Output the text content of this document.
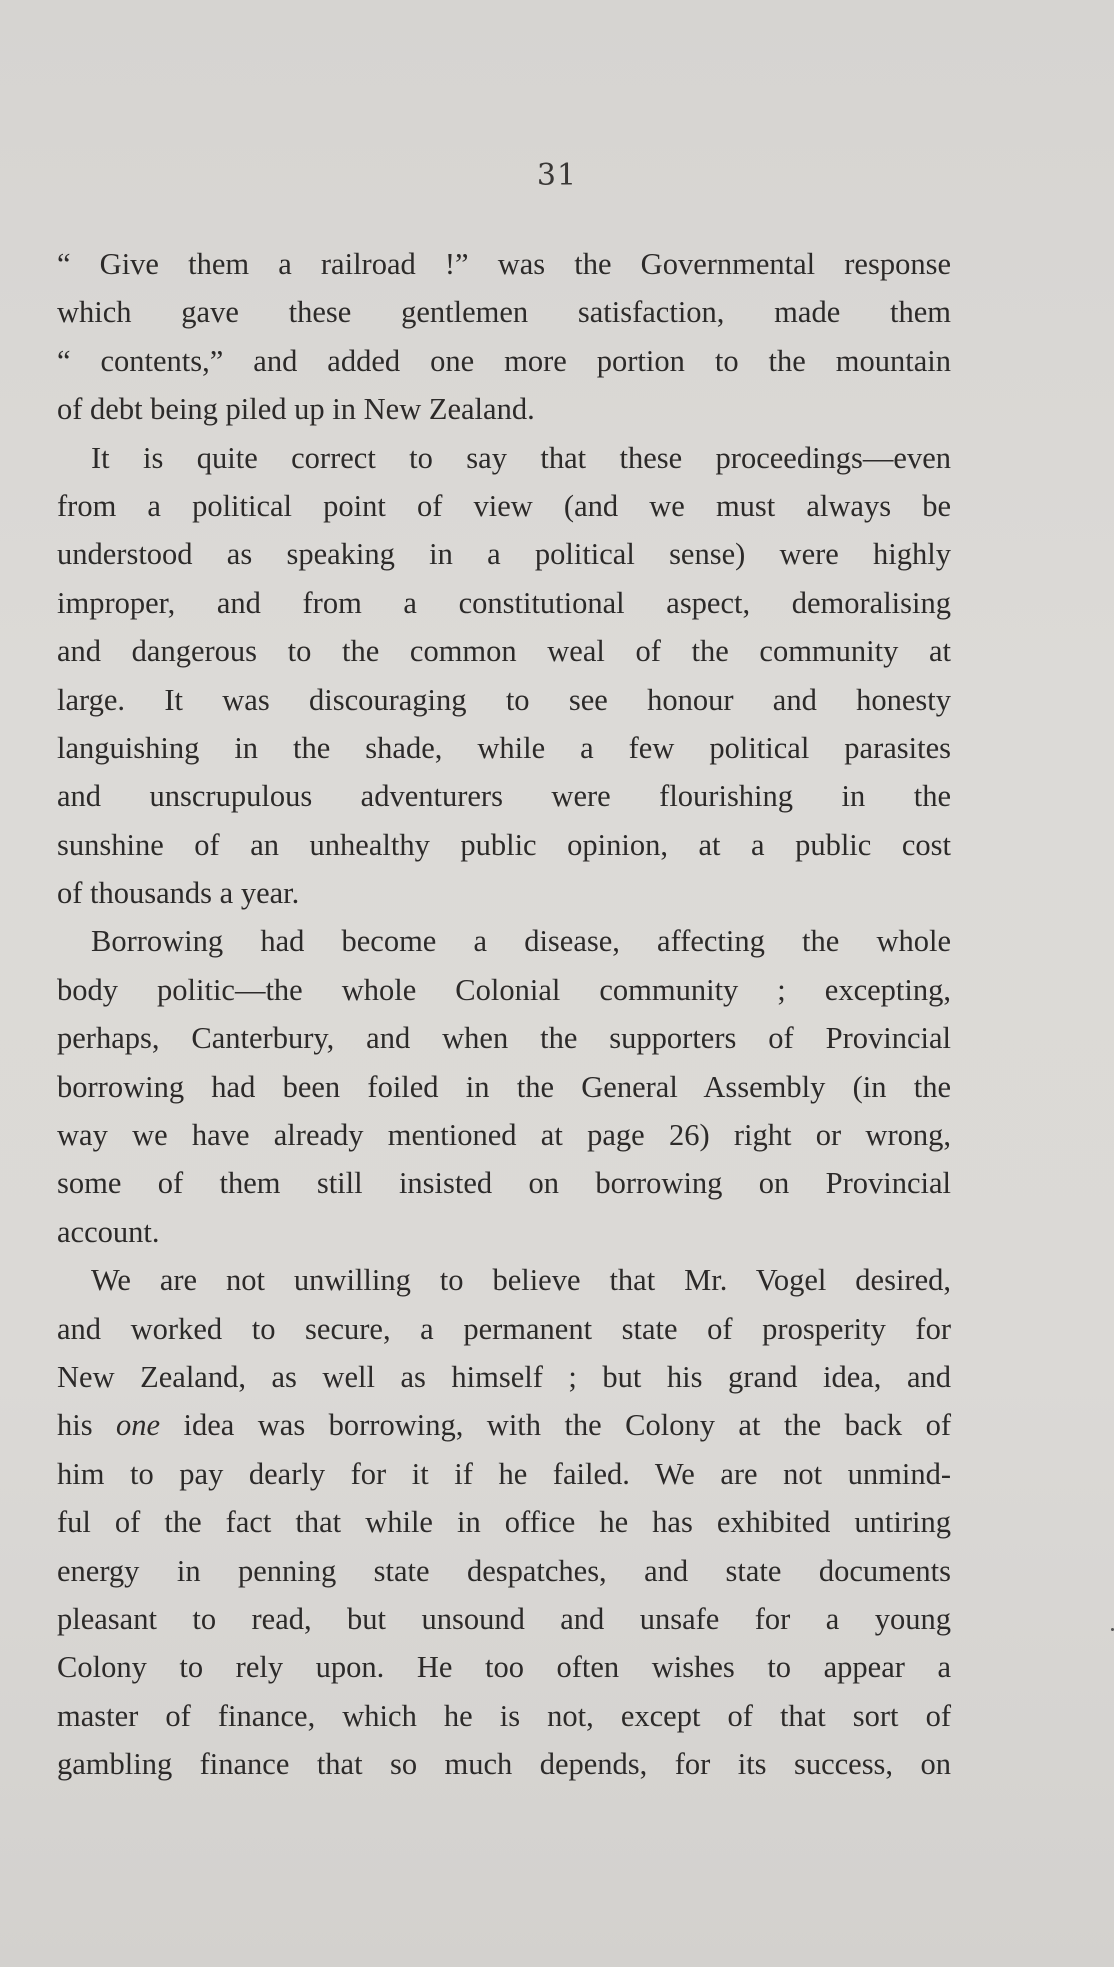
31
“ Give them a railroad !” was the Governmental response
which gave these gentlemen satisfaction, made them
“ contents,” and added one more portion to the mountain
of debt being piled up in New Zealand.
It is quite correct to say that these proceedings—even
from a political point of view (and we must always be
understood as speaking in a political sense) were highly
improper, and from a constitutional aspect, demoralising
and dangerous to the common weal of the community at
large. It was discouraging to see honour and honesty
languishing in the shade, while a few political parasites
and unscrupulous adventurers were flourishing in the
sunshine of an unhealthy public opinion, at a public cost
of thousands a year.
Borrowing had become a disease, affecting the whole
body politic—the whole Colonial community ; excepting,
perhaps, Canterbury, and when the supporters of Provincial
borrowing had been foiled in the General Assembly (in the
way we have already mentioned at page 26) right or wrong,
some of them still insisted on borrowing on Provincial
account.
We are not unwilling to believe that Mr. Vogel desired,
and worked to secure, a permanent state of prosperity for
New Zealand, as well as himself ; but his grand idea, and
his one idea was borrowing, with the Colony at the back of
him to pay dearly for it if he failed. We are not unmind-
ful of the fact that while in office he has exhibited untiring
energy in penning state despatches, and state documents
pleasant to read, but unsound and unsafe for a young
Colony to rely upon. He too often wishes to appear a
master of finance, which he is not, except of that sort of
gambling finance that so much depends, for its success, on
